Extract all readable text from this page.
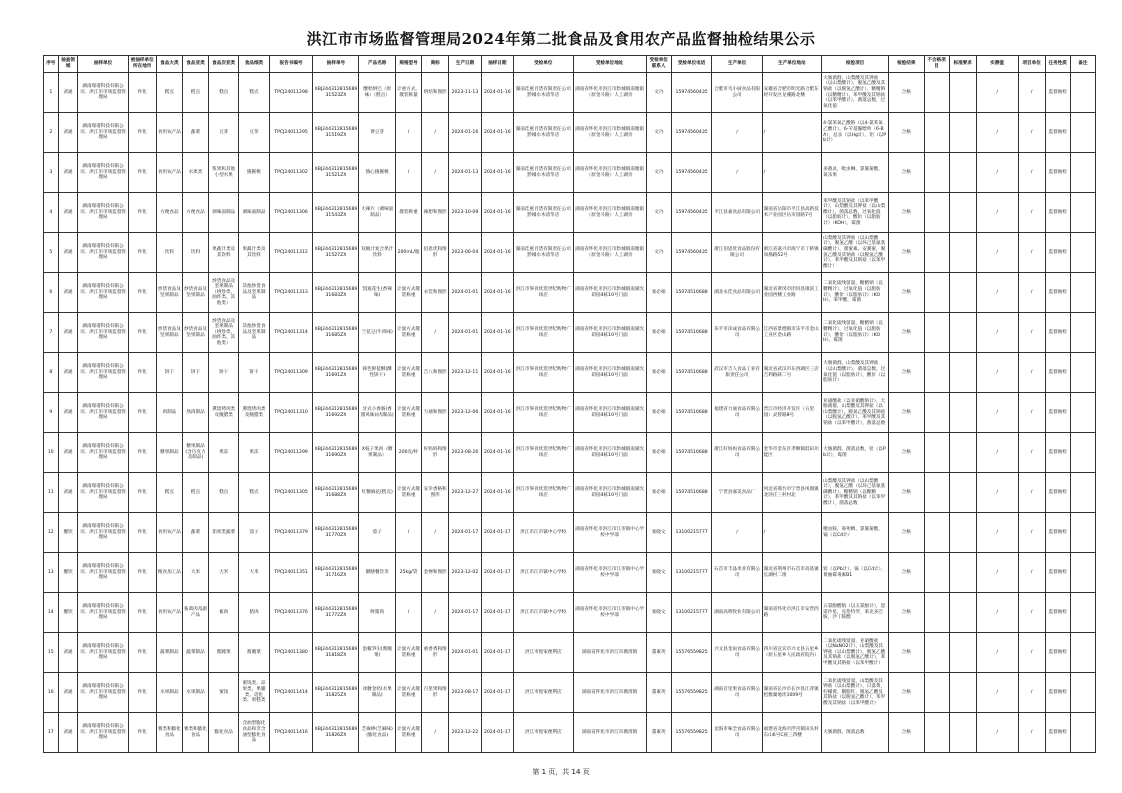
洪江市市场监督管理局2024年第二批食品及食用农产品监督抽检结果公示
序号	抽查领域	抽样单位	被抽样单位所在地市	食品大类	食品亚类	食品次亚类	食品细类	报告书编号	抽样单号	产品名称	规格型号	商标	生产日期	抽样日期	受检单位	受检单位地址	受检单位联系人	受检单位电话	生产单位	生产单位地址	检验项目	检验结果	不合格项目	标准要求	实测值	项目单位	任务性质	备注
1	武通	湖南瑞谱科技有限公司、洪江市市场监督管理局	怀化	糕点	糕点	糕点	糕点	TPCJ24011298	XBJ24431281568931523ZX	酸奶烘巴（原味）（糕点）	计重方式，散装称量	烘焙和图形	2023-11-13	2024-01-16	湖南佳惠百货有限责任公司黔城水木清华店	湖南省怀化市洪江市黔城镇南塘街（原金斗路）人工湖旁	文丹	15974560435	合肥市乌小厨食品有限公司	安徽省合肥市明光路合肥东经开发区龙溪路北侧	大肠菌群，山梨酸及其钾盐（以山梨酸计），脱氢乙酸及其钠盐（以脱氢乙酸计），糖精钠（以糖精计），苯甲酸及其钠盐（以苯甲酸计），菌落总数，过氧化值	合格			/	/	监督抽检	
2	武通	湖南瑞谱科技有限公司、洪江市市场监督管理局	怀化	食用农产品	蔬菜	豆芽	豆芽	TPCJ24011295	XBJ24431281568931519ZX	黄豆芽	/	/	2024-01-16	2024-01-16	湖南佳惠百货有限责任公司黔城水木清华店	湖南省怀化市洪江市黔城镇南塘街（原金斗路）人工湖旁	文丹	15974560435	/	/	4-氯苯氧乙酸钠（以4-氯苯氧乙酸计），6-苄基腺嘌呤（6-BA），总汞（以Hg计），铅（以Pb计）	合格			/	/	监督抽检	
3	武通	湖南瑞谱科技有限公司、洪江市市场监督管理局	怀化	食用农产品	水果类	浆果和其他小型水果	猕猴桃	TPCJ24011302	XBJ24431281568931521ZX	猕心猕猴桃	/	/	2024-01-13	2024-01-16	湖南佳惠百货有限责任公司黔城水木清华店	湖南省怀化市洪江市黔城镇南塘街（原金斗路）人工湖旁	文丹	15974560435	/	/	多菌灵，吡虫啉，氯氰菊酯，氧乐果	合格			/	/	监督抽检	
4	武通	湖南瑞谱科技有限公司、洪江市市场监督管理局	怀化	方便食品	方便食品	调味面制品	调味面制品	TPCJ24011306	XBJ24431281568931543ZX	大辣片（调味面制品）	散装称重	辣想和图形	2023-10-09	2024-01-16	湖南佳惠百货有限责任公司黔城水木清华店	湖南省怀化市洪江市黔城镇南塘街（原金斗路）人工湖旁	文丹	15974560435	平江县嘉食品有限公司	湖南省岳阳市平江县高新技术产业园区伍市园路7号	苯甲酸及其钠盐（以苯甲酸计），山梨酸及其钾盐（以山梨酸计），菌落总数，过氧化值（以脂肪计），酸价（以脂肪计）（KOH），霉菌	合格			/	/	监督抽检	
5	武通	湖南瑞谱科技有限公司、洪江市市场监督管理局	怀化	饮料	饮料	果蔬汁类及其饮料	果蔬汁类及其饮料	TPCJ24011312	XBJ24431281568931527ZX	双柚汁复合果汁饮料	200mL/瓶	佰思优和图形	2023-06-04	2024-01-16	湖南佳惠百货有限责任公司黔城水木清华店	湖南省怀化市洪江市黔城镇南塘街（原金斗路）人工湖旁	文丹	15974560435	浙江佰思优食品股份有限公司	浙江省嘉兴市海宁市丁桥镇凤凰路52号	山梨酸及其钾盐（以山梨酸计），脱氢乙酸（以环己基氨基磺酸计），甜蜜素，安赛蜜，脱氢乙酸及其钠盐（以脱氢乙酸计），苯甲酸及其钠盐（以苯甲酸计）	合格			/	/	监督抽检	
6	武通	湖南瑞谱科技有限公司、洪江市市场监督管理局	怀化	炒货食品及坚果制品	炒货食品及坚果制品	炒货食品及坚果制品（烘炒类、油炸类、其他类）	其他炒货食品及坚果制品	TPCJ24011313	XBJ24431281568931683ZX	凯迪花生(香辣味)	计量方式散装称重	永佳和图形	2024-01-01	2024-01-16	洪江市零食优选世纪购物广场店	湖南省怀化市洪江市黔城镇南湖光彩园4栋10号门面	张必娟	15074516688	湖北永佳食品有限公司	湖北省黄冈市团风县镇滨工业园西侧工业路	二氧化硫残留量，糖精钠（以糖精计），过氧化值（以脂肪计），酸价（以脂肪计）（KOH），苯甲酸，霉菌	合格			/	/	监督抽检	
7	武通	湖南瑞谱科技有限公司、洪江市市场监督管理局	怀化	炒货食品及坚果制品	炒货食品及坚果制品	炒货食品及坚果制品（烘炒类、油炸类、其他类）	其他炒货食品及坚果制品	TPCJ24011314	XBJ24431281568931685ZX	兰花豆(牛肉味)	计量方式散装称重	/	2024-01-01	2024-01-16	洪江市零食优选世纪购物广场店	湖南省怀化市洪江市黔城镇南湖光彩园4栋10号门面	张必娟	15074516688	乐平市泽成食品有限公司	江西省景德镇市乐平市金山工业区金山路	二氧化硫残留量，糖精钠（以糖精计），过氧化值（以脂肪计），酸价（以脂肪计）（KOH），霉菌	合格			/	/	监督抽检	
8	武通	湖南瑞谱科技有限公司、洪江市市场监督管理局	怀化	饼干	饼干	饼干	饼干	TPCJ24011309	XBJ24431281568931691ZX	韩色鲜苞酥(酥性饼干)	计量方式散装称重	吉八和图形	2023-12-11	2024-01-16	洪江市零食优选世纪购物广场店	湖南省怀化市洪江市黔城镇南湖光彩园4栋10号门面	张必娟	15074516688	武汉市吉人食品工业有限责任公司	湖北省武汉市东西湖区三店吉利路联二号	大肠菌群，山梨酸及其钾盐（以山梨酸计），菌落总数，过氧化值（以脂肪计），酸价（以脂肪计）	合格			/	/	监督抽检	
9	武通	湖南瑞谱科技有限公司、洪江市市场监督管理局	怀化	肉制品	熟肉制品	熏烧烤肉类及腌腊类	熏烧烤肉类及腌腊类	TPCJ24011310	XBJ24431281568931692ZX	牙式小香肠(香甜风味)(肉制品)	计量方式散装称重	力通和图形	2023-12-06	2024-01-16	洪江市零食优选世纪购物广场店	湖南省怀化市洪江市黔城镇南湖光彩园4栋10号门面	张必娟	15074516688	福建省力通食品有限公司	晋江市经济开发区（五里园）灵智路8号	亚硝酸盐（以亚硝酸钠计），大肠菌群，山梨酸及其钾盐（以山梨酸计），脱氢乙酸及其钠盐（以脱氢乙酸计），苯甲酸及其钠盐（以苯甲酸计），菌落总数	合格			/	/	监督抽检	
10	武通	湖南瑞谱科技有限公司、洪江市市场监督管理局	怀化	糖果制品	糖果制品(含巧克力及制品)	果冻	果冻	TPCJ24011299	XBJ24431281568931690ZX	X枝子果肉（糖果制品）	200克/杯	好妈妈和图形	2023-08-26	2024-01-16	洪江市零食优选世纪购物广场店	湖南省怀化市洪江市黔城镇南湖光彩园4栋10号门面	张必娟	15074516688	浙江好妈妈食品有限公司	金华市金东区孝顺镇低田功能区	大肠菌群，菌落总数，铅（以Pb计），霉菌	合格			/	/	监督抽检	
11	武通	湖南瑞谱科技有限公司、洪江市市场监督管理局	怀化	糕点	糕点	糕点	糕点	TPCJ24011305	XBJ24431281568931688ZX	红糖麻花(糕点)	计量方式散装称重	安幸香格和图形	2023-12-27	2024-01-16	洪江市零食优选世纪购物广场店	湖南省怀化市洪江市黔城镇南湖光彩园4栋10号门面	张必娟	15074516688	宁晋县嘉美食品厂	河北省邢台市宁晋县凤凰镇北河庄三村村北	山梨酸及其钾盐（以山梨酸计），脱氢乙酸（以环己基氨基磺酸计），糖精钠（以糖精计），苯甲酸及其钠盐（以苯甲酸计），菌落总数	合格			/	/	监督抽检	
12	餐饮	湖南瑞谱科技有限公司、洪江市市场监督管理局	怀化	食用农产品	蔬菜	茄果类蔬菜	茄子	TPCJ24011379	XBJ24431281568931770ZX	茄子	/	/	2024-01-17	2024-01-17	洪江市江市镇中心学校	湖南省怀化市洪江市江市镇中心学校中学部	张晓文	13100215777	/	/	噻虫胺，毒死蜱，氯氰菊酯，镉（以Cd计）	合格			/	/	监督抽检	
13	餐饮	湖南瑞谱科技有限公司、洪江市市场监督管理局	怀化	粮食加工品	大米	大米	大米	TPCJ24011351	XBJ24431281568931716ZX	御膳餐饮米	25kg/袋	金禅和图形	2023-12-02	2024-01-17	洪江市江市镇中心学校	湖南省怀化市洪江市江市镇中心学校中学部	张晓文	13100215777	石首市丰晶米业有限公司	湖北省荆州市石首市高基镇长湖村二组	铅（以Pb计），镉（以Cd计），黄曲霉毒素B1	合格			/	/	监督抽检	
14	餐饮	湖南瑞谱科技有限公司、洪江市市场监督管理局	怀化	食用农产品	畜禽肉及副产品	畜肉	猪肉	TPCJ24011376	XBJ24431281568931772ZX	鲜猪肉	/	/	2024-01-17	2024-01-17	洪江市江市镇中心学校	湖南省怀化市洪江市江市镇中心学校中学部	张晓文	13100215777	湖南高明牧业有限公司	湖南省怀化市洪江市安营西路	五氯酚酸钠（以五氯酚计），恩诺沙星，克伦特罗，莱克多巴胺，沙丁胺醇	合格			/	/	监督抽检	
15	武通	湖南瑞谱科技有限公司、洪江市市场监督管理局	怀化	蔬菜制品	蔬菜制品	酱腌菜	酱腌菜	TPCJ24011380	XBJ24431281568931818ZX	泡椒笋尖(酱腌菜)	计量方式散装称重	重香香和图形	2024-01-01	2024-01-17	洪江市悦家便利店	湖南省怀化市洪江市塘湾镇	董素英	15576559825	兴文县金雨食品有限公司	四川省宜宾市兴文县五星乡（原五星乡人民政府院内）	二氧化硫残留量，亚硝酸盐（以NaNO2计），山梨酸及其钾盐（以山梨酸计），脱氢乙酸及其钠盐（以脱氢乙酸计），苯甲酸及其钠盐（以苯甲酸计）	合格			/	/	监督抽检	
16	武通	湖南瑞谱科技有限公司、洪江市市场监督管理局	怀化	水果制品	水果制品	蜜饯	蜜饯类、凉果类、果脯类、话化类、果糕类	TPCJ24011414	XBJ24431281568931825ZX	冰糖金桔(水果制品)	计量方式散装称重	百里果和图形	2023-08-17	2024-01-17	洪江市悦家便利店	湖南省怀化市洪江市塘湾镇	董素英	15576559825	湖南百里果食品有限公司	湖南省长沙市长沙县江背镇松雅湖地块1009号	二氧化硫残留量，山梨酸及其钾盐（以山梨酸计），日落黄，柠檬黄，胭脂红，脱氢乙酸及其钠盐（以脱氢乙酸计），苯甲酸及其钠盐（以苯甲酸计）	合格			/	/	监督抽检	
17	武通	湖南瑞谱科技有限公司、洪江市市场监督管理局	怀化	薯类和膨化食品	薯类和膨化食品	膨化食品	含油型膨化食品和非含油型膨化食品	TPCJ24011416	XBJ24431281568931826ZX	芝麻棒(芝麻味)(膨化食品)	计量方式散装称重	/	2023-12-22	2024-01-17	洪江市悦家便利店	湖南省怀化市洪江市塘湾镇	董素英	15576559825	龙海市味全食品有限公司	福建省龙海市浮宫镇田头村东山6号C座三四楼	大肠菌群，菌落总数	合格			/	/	监督抽检	
第 1 页，共 14 页
